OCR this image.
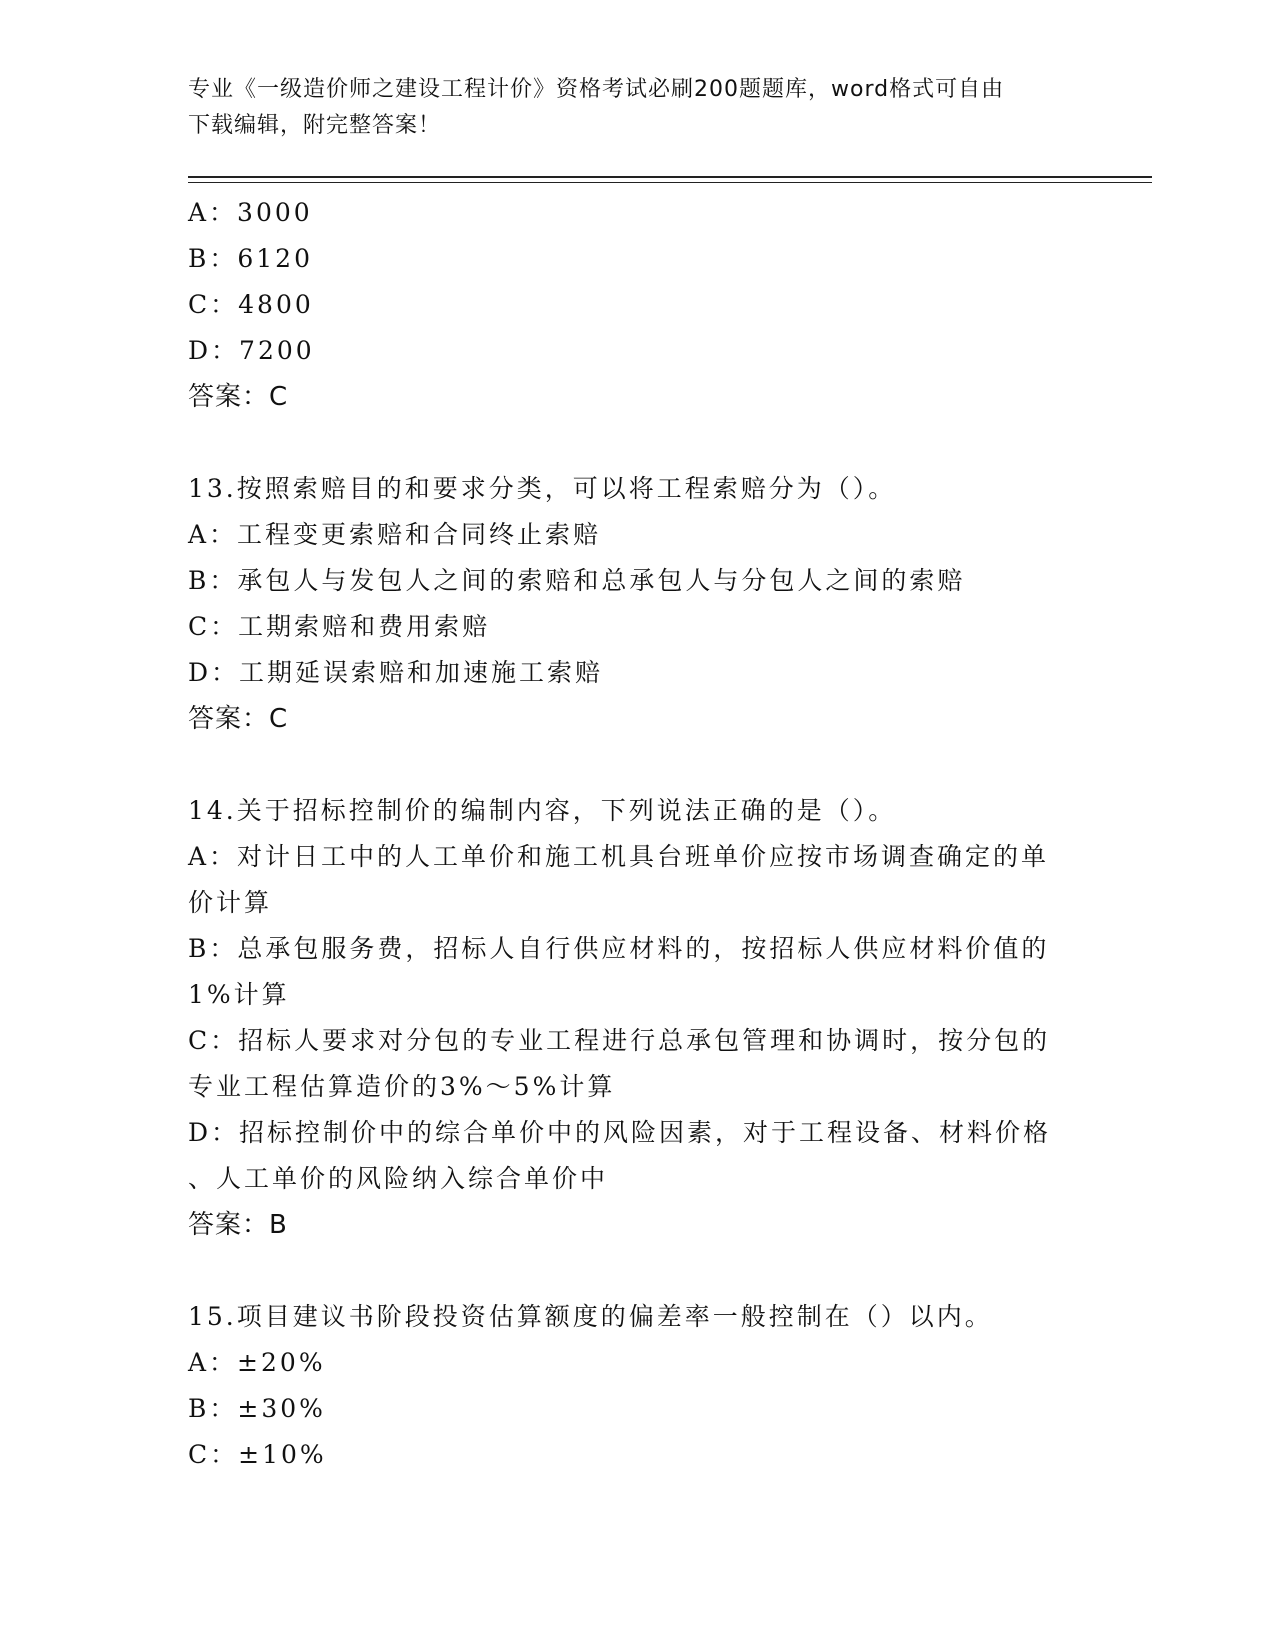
专业《一级造价师之建设工程计价》资格考试必刷200题题库，word格式可自由
下载编辑，附完整答案！
A：3000
B：6120
C：4800
D：7200
答案：C
13.按照索赔目的和要求分类，可以将工程索赔分为（）。
A：工程变更索赔和合同终止索赔
B：承包人与发包人之间的索赔和总承包人与分包人之间的索赔
C：工期索赔和费用索赔
D：工期延误索赔和加速施工索赔
答案：C
14.关于招标控制价的编制内容，下列说法正确的是（）。
A：对计日工中的人工单价和施工机具台班单价应按市场调查确定的单
价计算
B：总承包服务费，招标人自行供应材料的，按招标人供应材料价值的
1%计算
C：招标人要求对分包的专业工程进行总承包管理和协调时，按分包的
专业工程估算造价的3%～5%计算
D：招标控制价中的综合单价中的风险因素，对于工程设备、材料价格
、人工单价的风险纳入综合单价中
答案：B
15.项目建议书阶段投资估算额度的偏差率一般控制在（）以内。
A：±20%
B：±30%
C：±10%
